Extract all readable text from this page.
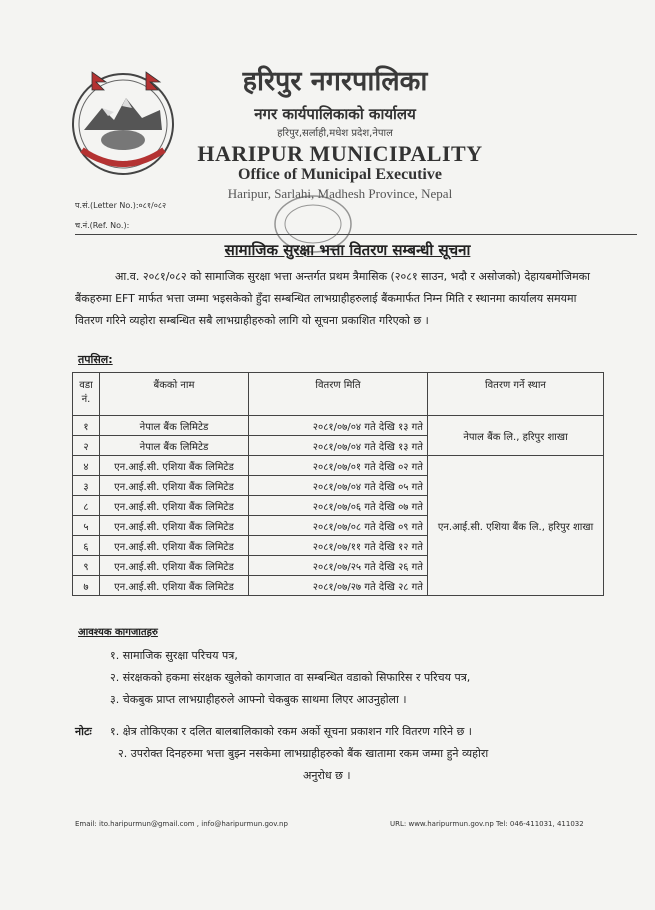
हरिपुर नगरपालिका
नगर कार्यपालिकाको कार्यालय
हरिपुर,सर्लाही,मधेश प्रदेश,नेपाल
HARIPUR MUNICIPALITY
Office of Municipal Executive
Haripur, Sarlahi, Madhesh Province, Nepal
प.सं.(Letter No.):०८१/०८२
च.नं.(Ref. No.):
सामाजिक सुरक्षा भत्ता वितरण सम्बन्धी सूचना
आ.व. २०८१/०८२ को सामाजिक सुरक्षा भत्ता अन्तर्गत प्रथम त्रैमासिक (२०८१ साउन, भदौ र असोजको) देहायबमोजिमका बैंकहरुमा EFT मार्फत भत्ता जम्मा भइसकेको हुँदा सम्बन्धित लाभग्राहीहरुलाई बैंकमार्फत निम्न मिति र स्थानमा कार्यालय समयमा वितरण गरिने व्यहोरा सम्बन्धित सबै लाभग्राहीहरुको लागि यो सूचना प्रकाशित गरिएको छ ।
तपसिल:
वडा नं.	बैंकको नाम	वितरण मिति	वितरण गर्ने स्थान
१	नेपाल बैंक लिमिटेड	२०८१/०७/०४ गते देखि १३ गते	नेपाल बैंक लि., हरिपुर शाखा
२	नेपाल बैंक लिमिटेड	२०८१/०७/०४ गते देखि १३ गते	
४	एन.आई.सी. एशिया बैंक लिमिटेड	२०८१/०७/०१ गते देखि ०२ गते	एन.आई.सी. एशिया बैंक लि., हरिपुर शाखा
३	एन.आई.सी. एशिया बैंक लिमिटेड	२०८१/०७/०४ गते देखि ०५ गते	
८	एन.आई.सी. एशिया बैंक लिमिटेड	२०८१/०७/०६ गते देखि ०७ गते	
५	एन.आई.सी. एशिया बैंक लिमिटेड	२०८१/०७/०८ गते देखि ०९ गते	
६	एन.आई.सी. एशिया बैंक लिमिटेड	२०८१/०७/११ गते देखि १२ गते	
९	एन.आई.सी. एशिया बैंक लिमिटेड	२०८१/०७/२५ गते देखि २६ गते	
७	एन.आई.सी. एशिया बैंक लिमिटेड	२०८१/०७/२७ गते देखि २८ गते	
आवश्यक कागजातहरु
१. सामाजिक सुरक्षा परिचय पत्र,
२. संरक्षकको हकमा संरक्षक खुलेको कागजात वा सम्बन्धित वडाको सिफारिस र परिचय पत्र,
३. चेकबुक प्राप्त लाभग्राहीहरुले आफ्नो चेकबुक साथमा लिएर आउनुहोला ।
नोटः १. क्षेत्र तोकिएका र दलित बालबालिकाको रकम अर्को सूचना प्रकाशन गरि वितरण गरिने छ ।
२. उपरोक्त दिनहरुमा भत्ता बुझ्न नसकेमा लाभग्राहीहरुको बैंक खातामा रकम जम्मा हुने व्यहोरा
अनुरोध छ ।
Email: ito.haripurmun@gmail.com , info@haripurmun.gov.np	URL: www.haripurmun.gov.np Tel: 046-411031, 411032
